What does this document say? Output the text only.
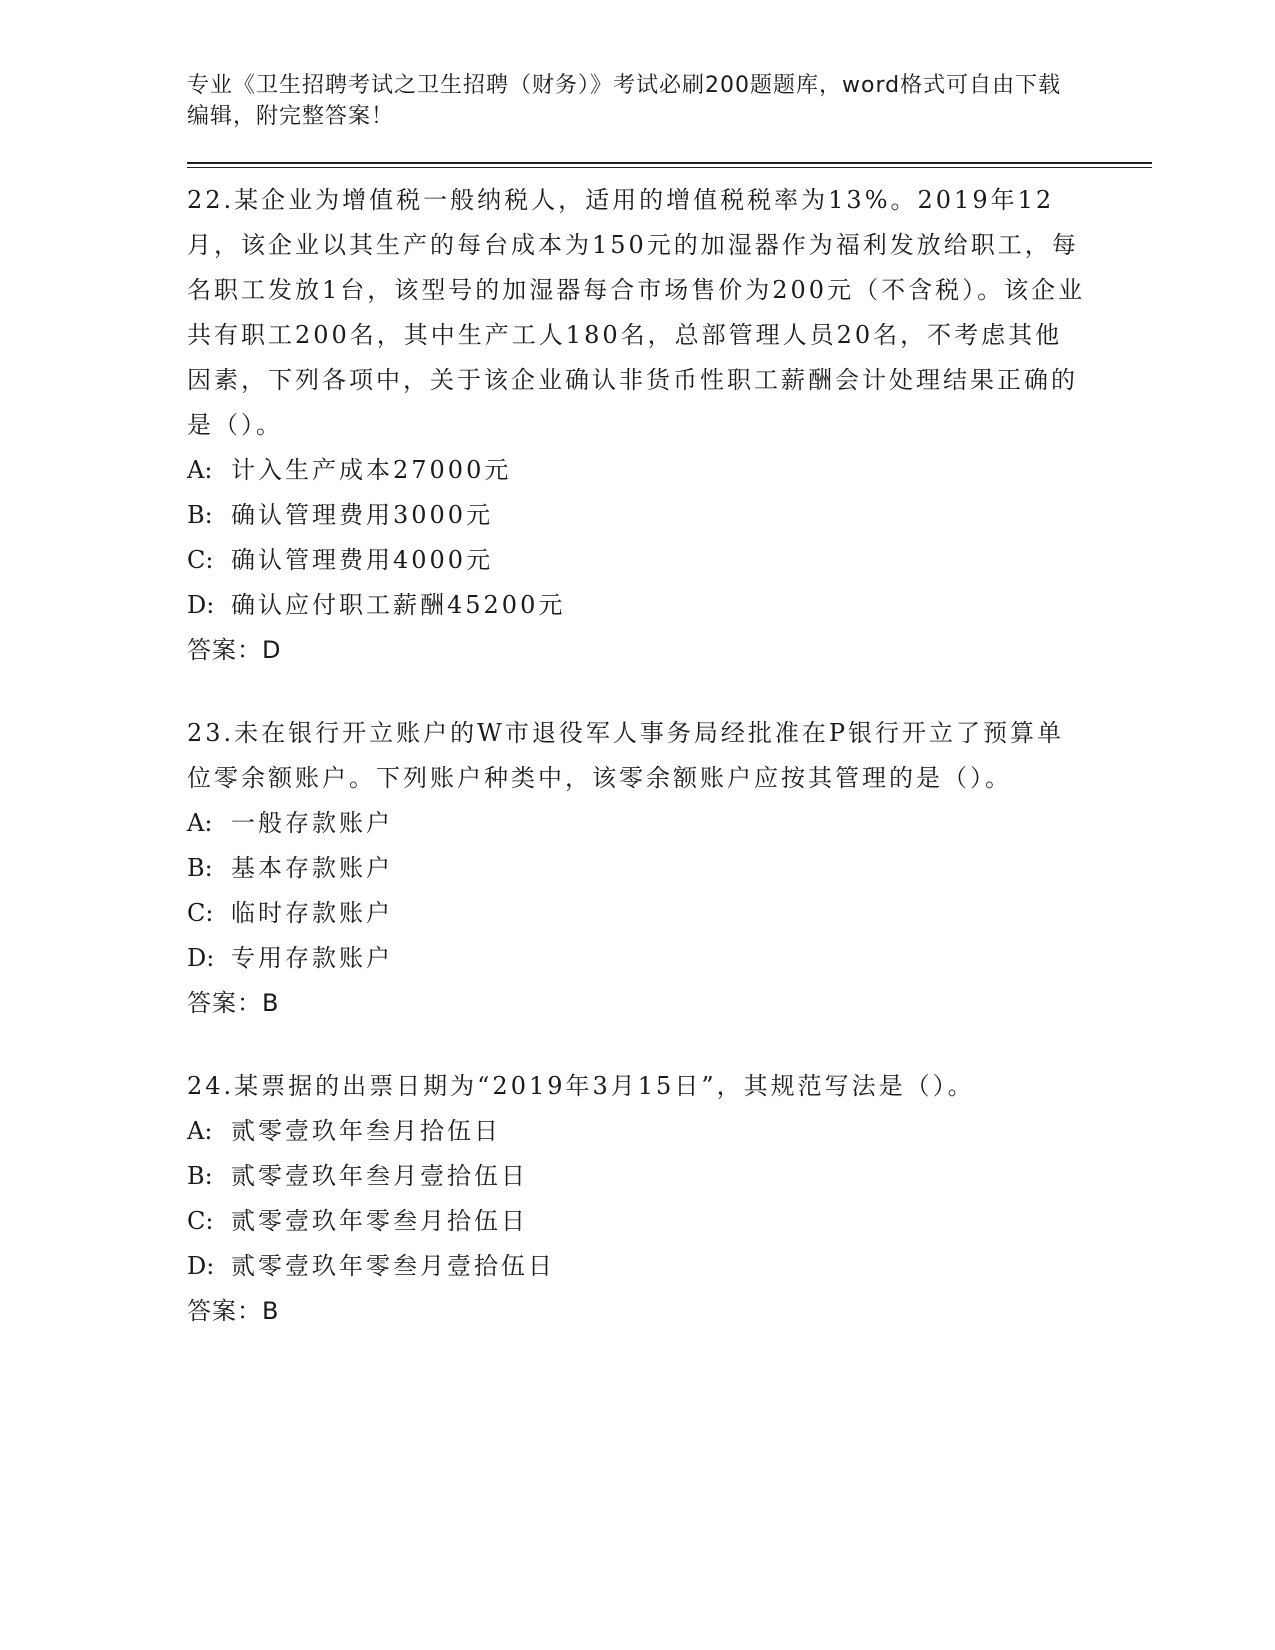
专业《卫生招聘考试之卫生招聘（财务）》考试必刷200题题库，word格式可自由下载编辑，附完整答案！

22.某企业为增值税一般纳税人，适用的增值税税率为13%。2019年12月，该企业以其生产的每台成本为150元的加湿器作为福利发放给职工，每名职工发放1台，该型号的加湿器每合市场售价为200元（不含税）。该企业共有职工200名，其中生产工人180名，总部管理人员20名，不考虑其他因素，下列各项中，关于该企业确认非货币性职工薪酬会计处理结果正确的是（）。

A: 计入生产成本27000元

B: 确认管理费用3000元

C: 确认管理费用4000元

D: 确认应付职工薪酬45200元

答案：D

23.未在银行开立账户的W市退役军人事务局经批准在P银行开立了预算单位零余额账户。下列账户种类中，该零余额账户应按其管理的是（）。

A: 一般存款账户

B: 基本存款账户

C: 临时存款账户

D: 专用存款账户

答案：B

24.某票据的出票日期为“2019年3月15日”，其规范写法是（）。

A: 贰零壹玖年叁月拾伍日

B: 贰零壹玖年叁月壹拾伍日

C: 贰零壹玖年零叁月拾伍日

D: 贰零壹玖年零叁月壹拾伍日

答案：B
